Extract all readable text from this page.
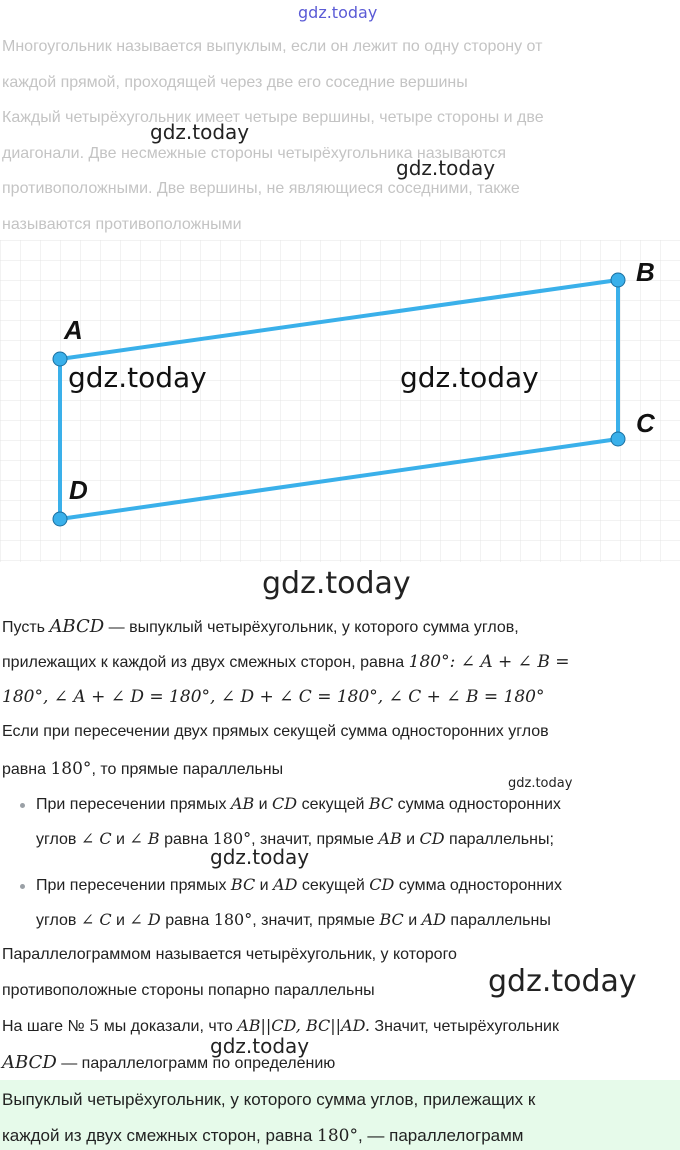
gdz.today
Многоугольник называется выпуклым, если он лежит по одну сторону от
каждой прямой, проходящей через две его соседние вершины
Каждый четырёхугольник имеет четыре вершины, четыре стороны и две
диагонали. Две несмежные стороны четырёхугольника называются
противоположными. Две вершины, не являющиеся соседними, также
называются противоположными
gdz.today
gdz.today
A
B
C
D
gdz.today	gdz.today
gdz.today
Пусть ABCD — выпуклый четырёхугольник, у которого сумма углов,
прилежащих к каждой из двух смежных сторон, равна 180°: ∠ A + ∠ B =
180°, ∠ A + ∠ D = 180°, ∠ D + ∠ C = 180°, ∠ C + ∠ B = 180°
Если при пересечении двух прямых секущей сумма односторонних углов
равна 180°, то прямые параллельны
gdz.today
При пересечении прямых AB и CD секущей BC сумма односторонних
углов ∠ C и ∠ B равна 180°, значит, прямые AB и CD параллельны;
gdz.today
При пересечении прямых BC и AD секущей CD сумма односторонних
углов ∠ C и ∠ D равна 180°, значит, прямые BC и AD параллельны
Параллелограммом называется четырёхугольник, у которого
противоположные стороны попарно параллельны	gdz.today
На шаге № 5 мы доказали, что AB||CD, BC||AD. Значит, четырёхугольник
gdz.today
ABCD — параллелограмм по определению
Выпуклый четырёхугольник, у которого сумма углов, прилежащих к
каждой из двух смежных сторон, равна 180°, — параллелограмм
